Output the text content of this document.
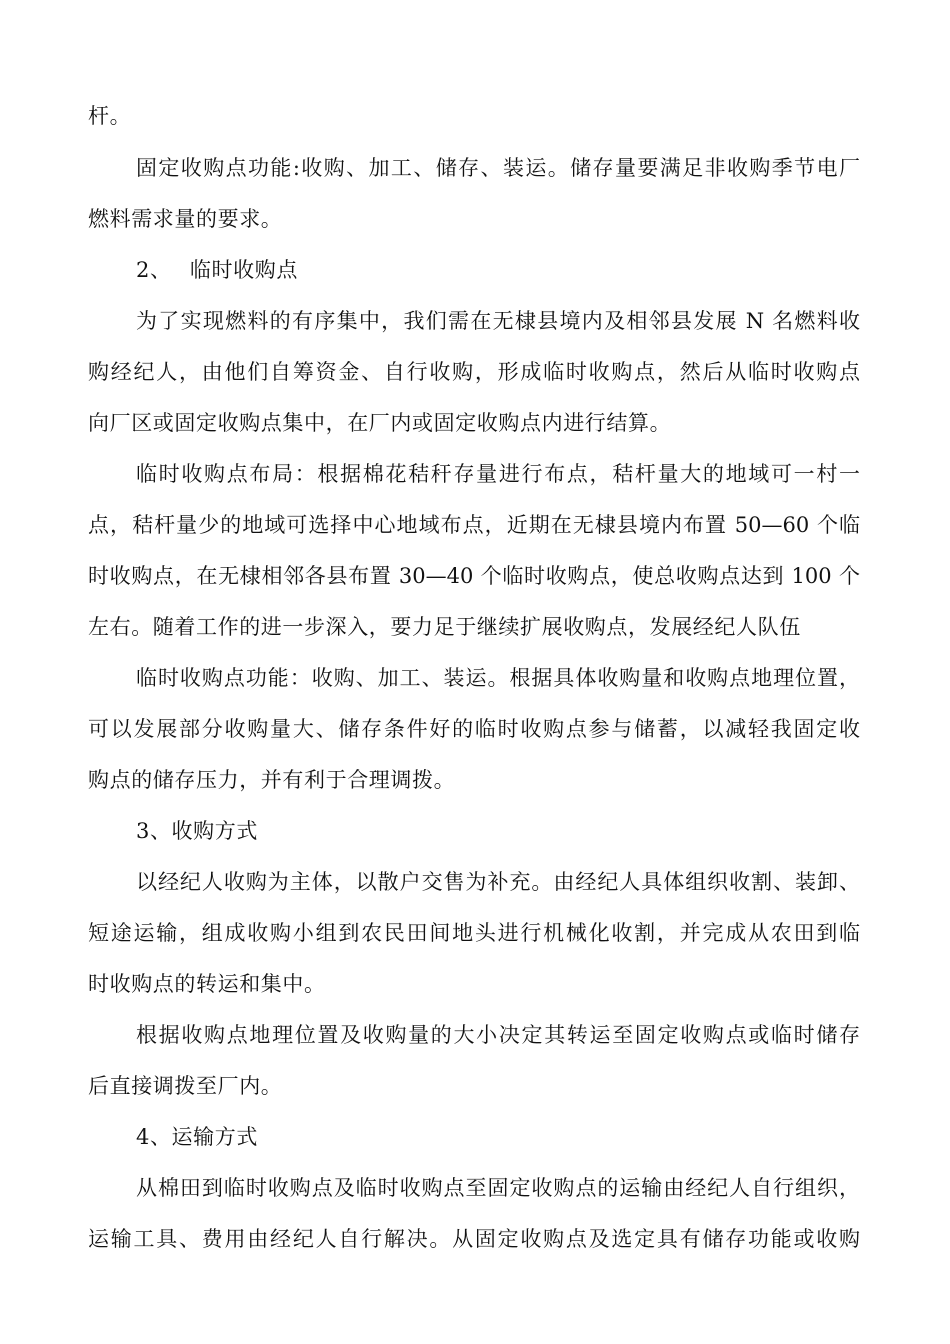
杆。
固定收购点功能:收购、加工、储存、装运。储存量要满足非收购季节电厂
燃料需求量的要求。
2、　 临时收购点
为了实现燃料的有序集中，我们需在无棣县境内及相邻县发展 N 名燃料收
购经纪人，由他们自筹资金、自行收购，形成临时收购点，然后从临时收购点
向厂区或固定收购点集中，在厂内或固定收购点内进行结算。
临时收购点布局：根据棉花秸秆存量进行布点，秸杆量大的地域可一村一
点，秸杆量少的地域可选择中心地域布点，近期在无棣县境内布置 50—60 个临
时收购点，在无棣相邻各县布置 30—40 个临时收购点，使总收购点达到 100 个
左右。随着工作的进一步深入，要力足于继续扩展收购点，发展经纪人队伍
临时收购点功能：收购、加工、装运。根据具体收购量和收购点地理位置，
可以发展部分收购量大、储存条件好的临时收购点参与储蓄，以减轻我固定收
购点的储存压力，并有利于合理调拨。
3、收购方式
以经纪人收购为主体，以散户交售为补充。由经纪人具体组织收割、装卸、
短途运输，组成收购小组到农民田间地头进行机械化收割，并完成从农田到临
时收购点的转运和集中。
根据收购点地理位置及收购量的大小决定其转运至固定收购点或临时储存
后直接调拨至厂内。
4、运输方式
从棉田到临时收购点及临时收购点至固定收购点的运输由经纪人自行组织，
运输工具、费用由经纪人自行解决。从固定收购点及选定具有储存功能或收购
